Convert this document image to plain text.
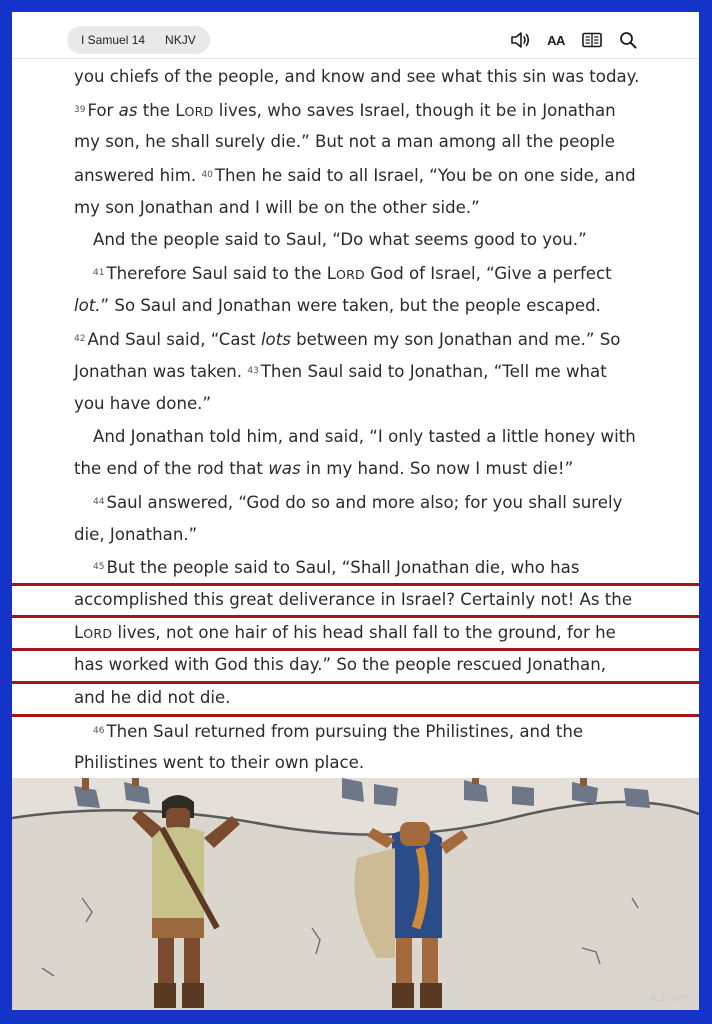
I Samuel 14	NKJV	AA
you chiefs of the people, and know and see what this sin was today.
$^{39}$ For as the LORD lives, who saves Israel, though it be in Jonathan
my son, he shall surely die.” But not a man among all the people
answered him. $^{40}$ Then he said to all Israel, “You be on one side, and
my son Jonathan and I will be on the other side.”
And the people said to Saul, “Do what seems good to you.”
$^{41}$ Therefore Saul said to the LORD God of Israel, “Give a perfect
lot.” So Saul and Jonathan were taken, but the people escaped.
$^{42}$ And Saul said, “Cast lots between my son Jonathan and me.” So
Jonathan was taken. $^{43}$ Then Saul said to Jonathan, “Tell me what
you have done.”
And Jonathan told him, and said, “I only tasted a little honey with
the end of the rod that was in my hand. So now I must die!”
$^{44}$ Saul answered, “God do so and more also; for you shall surely
die, Jonathan.”
$^{45}$ But the people said to Saul, “Shall Jonathan die, who has
accomplished this great deliverance in Israel? Certainly not! As the
LORD lives, not one hair of his head shall fall to the ground, for he
has worked with God this day.” So the people rescued Jonathan,
and he did not die.
$^{46}$ Then Saul returned from pursuing the Philistines, and the
Philistines went to their own place.
4LT.com
